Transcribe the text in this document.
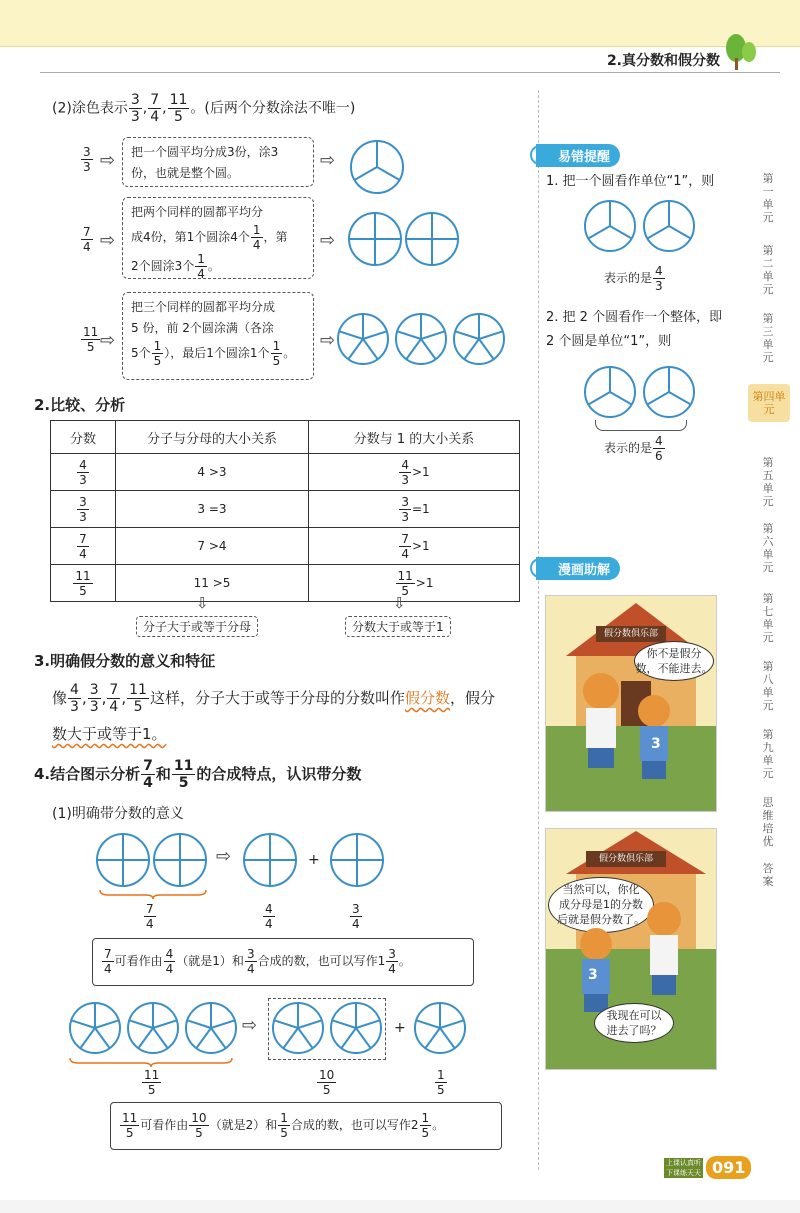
2.真分数和假分数
(2)涂色表示 $\frac{3}{3}$ , $\frac{7}{4}$ , $\frac{11}{5}$ 。(后两个分数涂法不唯一)
$\frac{3}{3}$ ⇨ 把一个圆平均分成3份，涂3
份，也就是整个圆。
⇨
$\frac{7}{4}$ ⇨
把两个同样的圆都平均分
成4份，第1个圆涂4个 $\frac{1}{4}$ ，第
2个圆涂3个 $\frac{1}{4}$ 。
⇨
$\frac{11}{5}$ ⇨
把三个同样的圆都平均分成
5 份，前 2个圆涂满（各涂
5个 $\frac{1}{5}$ ），最后1个圆涂1个 $\frac{1}{5}$ 。
⇨
2.比较、分析
分数	分子与分母的大小关系	分数与 1 的大小关系

$\frac{4}{3}$	4 >3	$\frac{4}{3} >1$

$\frac{3}{3}$	3 =3	$\frac{3}{3} =1$

$\frac{7}{4}$	7 >4	$\frac{7}{4} >1$

$\frac{11}{5}$	11 >5	$\frac{11}{5} >1$
⇩	⇩
分子大于或等于分母	分数大于或等于1
3.明确假分数的意义和特征
像 $\frac{4}{3}$ , $\frac{3}{3}$ , $\frac{7}{4}$ , $\frac{11}{5}$ 这样，分子大于或等于分母的分数叫作假分数，假分
数大于或等于1。
4.结合图示分析 $\frac{7}{4}$ 和 $\frac{11}{5}$ 的合成特点，认识带分数
(1)明确带分数的意义
⇨	+
$\frac{7}{4}$	$\frac{4}{4}$	$\frac{3}{4}$
$\frac{7}{4}$ 可看作由 $\frac{4}{4}$ （就是1）和 $\frac{3}{4}$ 合成的数，也可以写作$1 \frac{3}{4}$ 。
⇨	+
$\frac{11}{5}$	$\frac{10}{5}$	$\frac{1}{5}$
$\frac{11}{5}$ 可看作由 $\frac{10}{5}$ （就是2）和 $\frac{1}{5}$ 合成的数，也可以写作$2 \frac{1}{5}$ 。
易错提醒
1. 把一个圆看作单位“1”，则
表示的是 $\frac{4}{3}$
2. 把 2 个圆看作一个整体，即
2 个圆是单位“1”，则
表示的是 $\frac{4}{6}$
漫画助解
假分数俱乐部
你不是假分
数，不能进去。
3
假分数俱乐部
当然可以，你化
成分母是1的分数
后就是假分数了。
3
我现在可以
进去了吗？
第一单元
第二单元
第三单元
第四单元
第五单元
第六单元
第七单元
第八单元
第九单元
思维培优
答案
上课认真听
下课练天天 091
